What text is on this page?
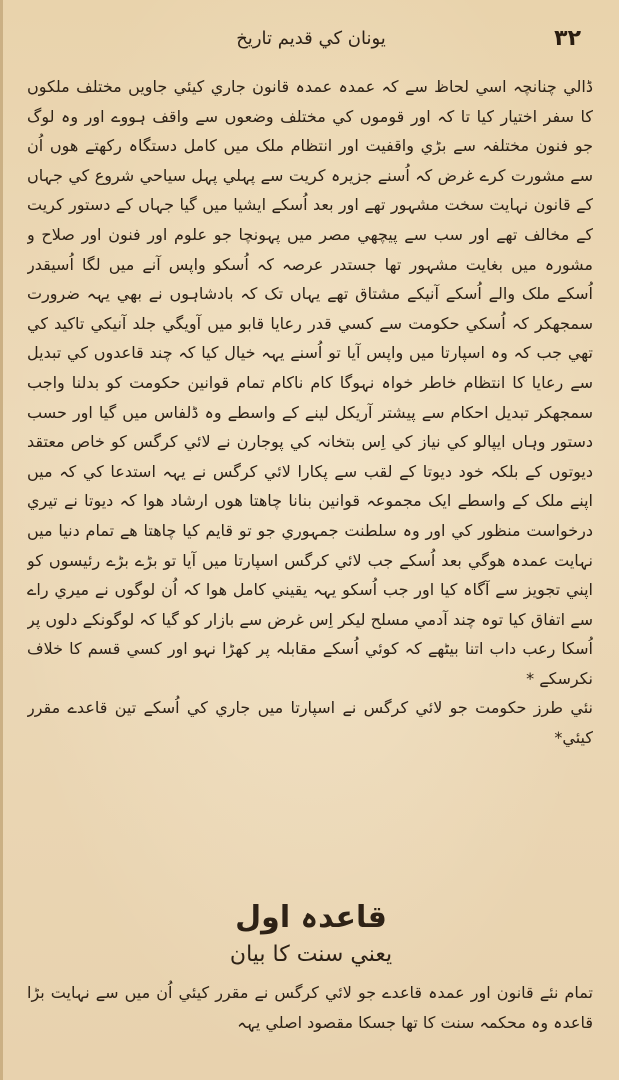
۳۲
یونان کي قدیم تاریخ

ڈالي چنانچہ اسي لحاظ سے کہ عمدہ عمدہ قانون جاري کیئي جاویں مختلف ملکوں کا سفر اختیار کیا تا کہ اور قوموں کي مختلف وضعوں سے واقف ہووے اور وہ لوگ جو فنون مختلفہ سے بڑي واقفیت اور انتظام ملک میں کامل دستگاہ رکھتے ھوں اُن سے مشورت کرے غرض کہ اُسنے جزیرہ کریت سے پہلي پہل سیاحي شروع کي جہاں کے قانون نہایت سخت مشہور تھے اور بعد اُسکے ایشیا میں گیا جہاں کے دستور کریت کے مخالف تھے اور سب سے پیچھي مصر میں پہونچا جو علوم اور فنون اور صلاح و مشورہ میں بغایت مشہور تھا جستدر عرصہ کہ اُسکو واپس آنے میں لگا اُسیقدر اُسکے ملک والے اُسکے آنیکے مشتاق تھے یہاں تک کہ بادشاہوں نے بھي یہہ ضرورت سمجھکر کہ اُسکي حکومت سے کسي قدر رعایا قابو میں آویگي جلد آنیکي تاکید کي تھي جب کہ وہ اسپارتا میں واپس آیا تو اُسنے یہہ خیال کیا کہ چند قاعدوں کي تبدیل سے رعایا کا انتظام خاطر خواہ نہوگا کام ناکام تمام قوانین حکومت کو بدلنا واجب سمجھکر تبدیل احکام سے پیشتر آریکل لینے کے واسطے وہ ڈلفاس میں گیا اور حسب دستور وہاں ایپالو کي نیاز کي اِس بتخانہ کي پوجارن نے لائي کرگس کو خاص معتقد دیوتوں کے بلکہ خود دیوتا کے لقب سے پکارا لائي کرگس نے یہہ استدعا کي کہ میں اپنے ملک کے واسطے ایک مجموعہ قوانین بنانا چاھتا ھوں ارشاد ھوا کہ دیوتا نے تیري درخواست منظور کي اور وہ سلطنت جمہوري جو تو قایم کیا چاھتا ھے تمام دنیا میں نہایت عمدہ ھوگي بعد اُسکے جب لائي کرگس اسپارتا میں آیا تو بڑے بڑے رئیسوں کو اپني تجویز سے آگاہ کیا اور جب اُسکو یہہ یقیني کامل ھوا کہ اُن لوگوں نے میري راے سے اتفاق کیا توہ چند آدمي مسلح لیکر اِس غرض سے بازار کو گیا کہ لوگونکے دلوں پر اُسکا رعب داب اتنا بیٹھے کہ کوئي اُسکے مقابلہ پر کھڑا نہو اور کسي قسم کا خلاف نکرسکے *

نئي طرز حکومت جو لائي کرگس نے اسپارتا میں جاري کي اُسکے تین قاعدے مقرر کیئي*

قاعدہ اول
یعني سنت کا بیان
تمام نئے قانون اور عمدہ قاعدے جو لائي کرگس نے مقرر کیئي اُن میں سے نہایت بڑا قاعدہ وہ محکمہ سنت کا تھا جسکا مقصود اصلي یہہ
